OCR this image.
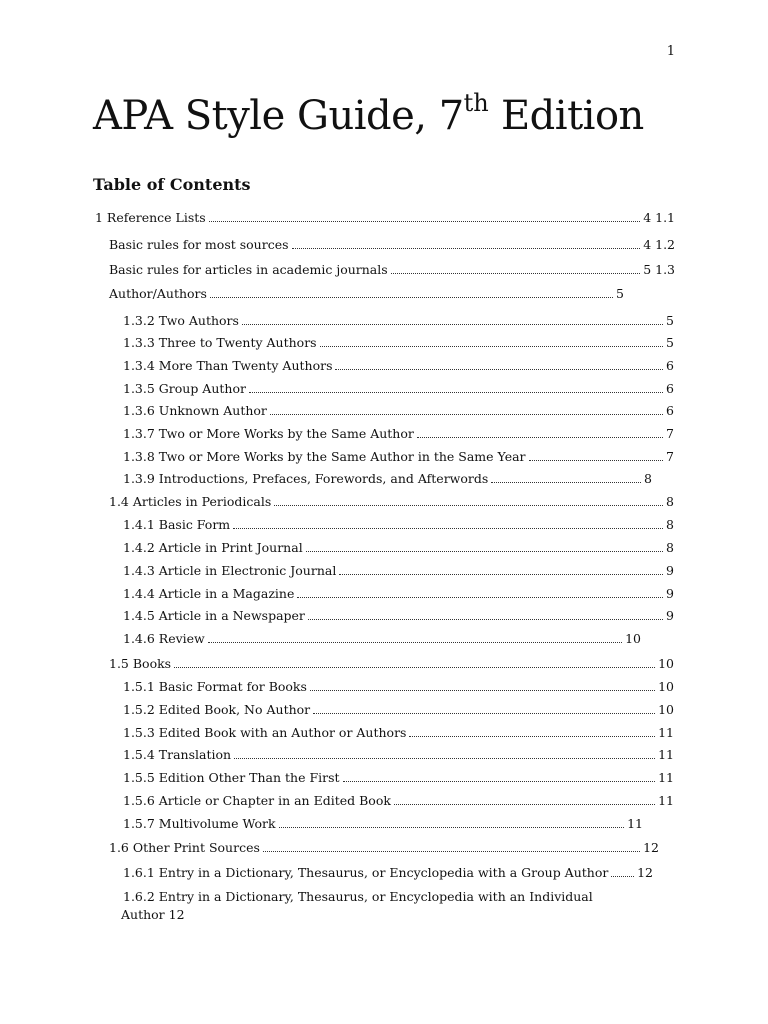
1
APA Style Guide, 7th Edition
Table of Contents
1 Reference Lists	4 1.1
Basic rules for most sources	4 1.2
Basic rules for articles in academic journals	5 1.3
Author/Authors	5
1.3.2 Two Authors	5
1.3.3 Three to Twenty Authors	5
1.3.4 More Than Twenty Authors	6
1.3.5 Group Author	6
1.3.6 Unknown Author	6
1.3.7 Two or More Works by the Same Author	7
1.3.8 Two or More Works by the Same Author in the Same Year	7
1.3.9 Introductions, Prefaces, Forewords, and Afterwords	8
1.4 Articles in Periodicals	8
1.4.1 Basic Form	8
1.4.2 Article in Print Journal	8
1.4.3 Article in Electronic Journal	9
1.4.4 Article in a Magazine	9
1.4.5 Article in a Newspaper	9
1.4.6 Review	10
1.5 Books	10
1.5.1 Basic Format for Books	10
1.5.2 Edited Book, No Author	10
1.5.3 Edited Book with an Author or Authors	11
1.5.4 Translation	11
1.5.5 Edition Other Than the First	11
1.5.6 Article or Chapter in an Edited Book	11
1.5.7 Multivolume Work	11
1.6 Other Print Sources	12
1.6.1 Entry in a Dictionary, Thesaurus, or Encyclopedia with a Group Author 12
1.6.2 Entry in a Dictionary, Thesaurus, or Encyclopedia with an Individual
Author 12
